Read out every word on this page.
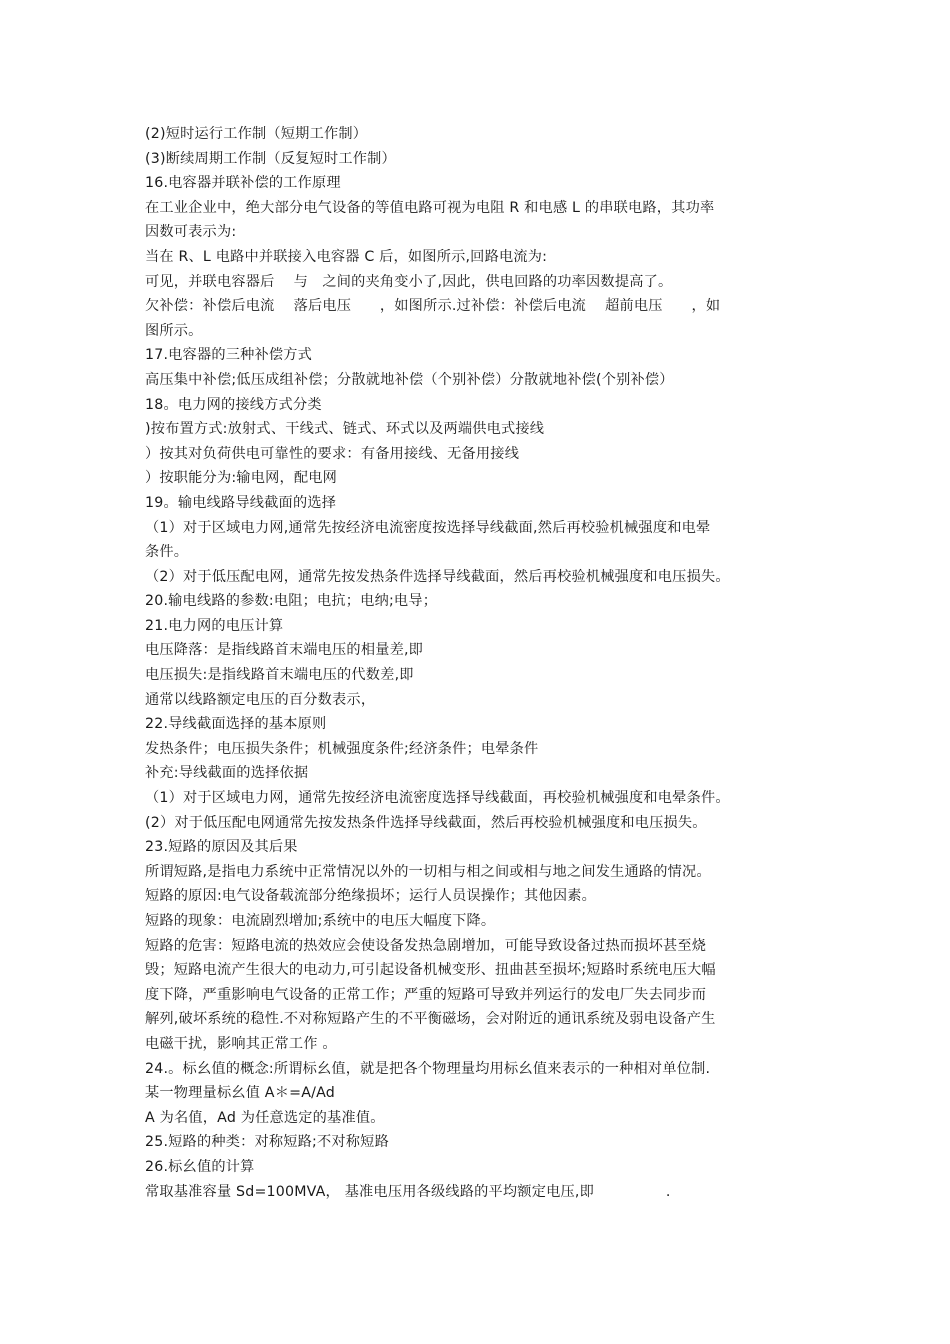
(2)短时运行工作制（短期工作制）
(3)断续周期工作制（反复短时工作制）
16.电容器并联补偿的工作原理
在工业企业中，绝大部分电气设备的等值电路可视为电阻 R 和电感 L 的串联电路，其功率
因数可表示为:
当在 R、L 电路中并联接入电容器 C 后，如图所示,回路电流为:
可见，并联电容器后　 与　之间的夹角变小了,因此，供电回路的功率因数提高了。
欠补偿：补偿后电流　 落后电压　　，如图所示.过补偿：补偿后电流　 超前电压　　，如
图所示。
17.电容器的三种补偿方式
高压集中补偿;低压成组补偿；分散就地补偿（个别补偿）分散就地补偿(个别补偿）
18。电力网的接线方式分类
)按布置方式:放射式、干线式、链式、环式以及两端供电式接线
）按其对负荷供电可靠性的要求：有备用接线、无备用接线
）按职能分为:输电网，配电网
19。输电线路导线截面的选择
（1）对于区域电力网,通常先按经济电流密度按选择导线截面,然后再校验机械强度和电晕
条件。
（2）对于低压配电网，通常先按发热条件选择导线截面，然后再校验机械强度和电压损失。
20.输电线路的参数:电阻；电抗；电纳;电导；
21.电力网的电压计算
电压降落：是指线路首末端电压的相量差,即
电压损失:是指线路首末端电压的代数差,即
通常以线路额定电压的百分数表示，
22.导线截面选择的基本原则
发热条件；电压损失条件；机械强度条件;经济条件；电晕条件
补充:导线截面的选择依据
（1）对于区域电力网，通常先按经济电流密度选择导线截面，再校验机械强度和电晕条件。
(2）对于低压配电网通常先按发热条件选择导线截面，然后再校验机械强度和电压损失。
23.短路的原因及其后果
所谓短路,是指电力系统中正常情况以外的一切相与相之间或相与地之间发生通路的情况。
短路的原因:电气设备载流部分绝缘损坏；运行人员误操作；其他因素。
短路的现象：电流剧烈增加;系统中的电压大幅度下降。
短路的危害：短路电流的热效应会使设备发热急剧增加，可能导致设备过热而损坏甚至烧
毁；短路电流产生很大的电动力,可引起设备机械变形、扭曲甚至损坏;短路时系统电压大幅
度下降，严重影响电气设备的正常工作；严重的短路可导致并列运行的发电厂失去同步而
解列,破坏系统的稳性.不对称短路产生的不平衡磁场，会对附近的通讯系统及弱电设备产生
电磁干扰，影响其正常工作 。
24.。标幺值的概念:所谓标幺值，就是把各个物理量均用标幺值来表示的一种相对单位制.
某一物理量标幺值 A＊=A/Ad
A 为名值，Ad 为任意选定的基准值。
25.短路的种类：对称短路;不对称短路
26.标幺值的计算
常取基准容量 Sd=100MVA， 基准电压用各级线路的平均额定电压,即　　　　　.
